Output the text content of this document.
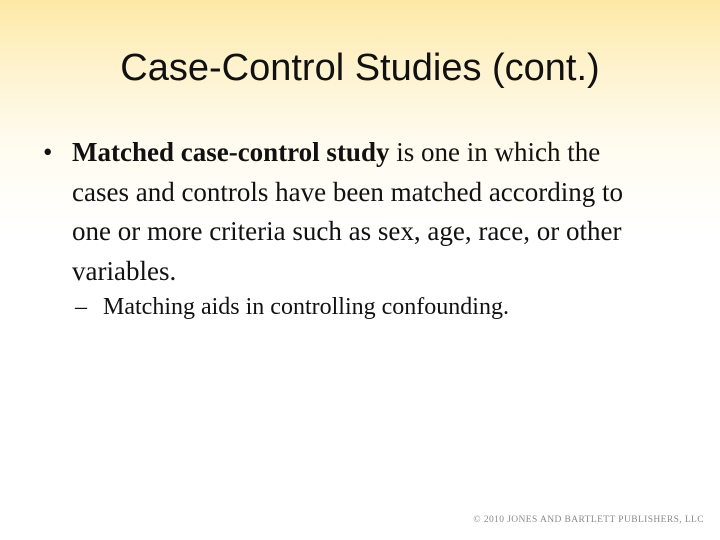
Case-Control Studies (cont.)
• Matched case-control study is one in which the cases and controls have been matched according to one or more criteria such as sex, age, race, or other variables.
– Matching aids in controlling confounding.
© 2010 JONES AND BARTLETT PUBLISHERS, LLC
